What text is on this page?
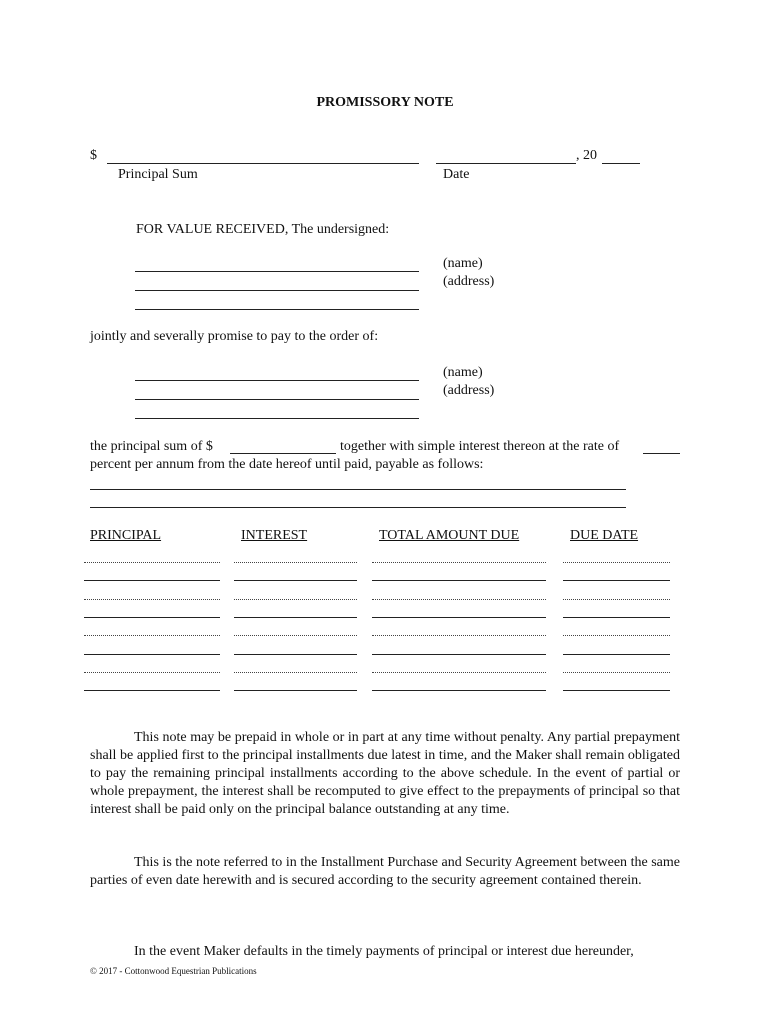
PROMISSORY NOTE
$
Principal Sum
, 20
Date
FOR VALUE RECEIVED, The undersigned:
(name)
(address)
jointly and severally promise to pay to the order of:
(name)
(address)
the principal sum of $	together with simple interest thereon at the rate of
percent per annum from the date hereof until paid, payable as follows:
PRINCIPAL	INTEREST	TOTAL AMOUNT DUE	DUE DATE
This note may be prepaid in whole or in part at any time without penalty. Any partial prepayment shall be applied first to the principal installments due latest in time, and the Maker shall remain obligated to pay the remaining principal installments according to the above schedule. In the event of partial or whole prepayment, the interest shall be recomputed to give effect to the prepayments of principal so that interest shall be paid only on the principal balance outstanding at any time.
This is the note referred to in the Installment Purchase and Security Agreement between the same parties of even date herewith and is secured according to the security agreement contained therein.
In the event Maker defaults in the timely payments of principal or interest due hereunder,
© 2017 - Cottonwood Equestrian Publications
